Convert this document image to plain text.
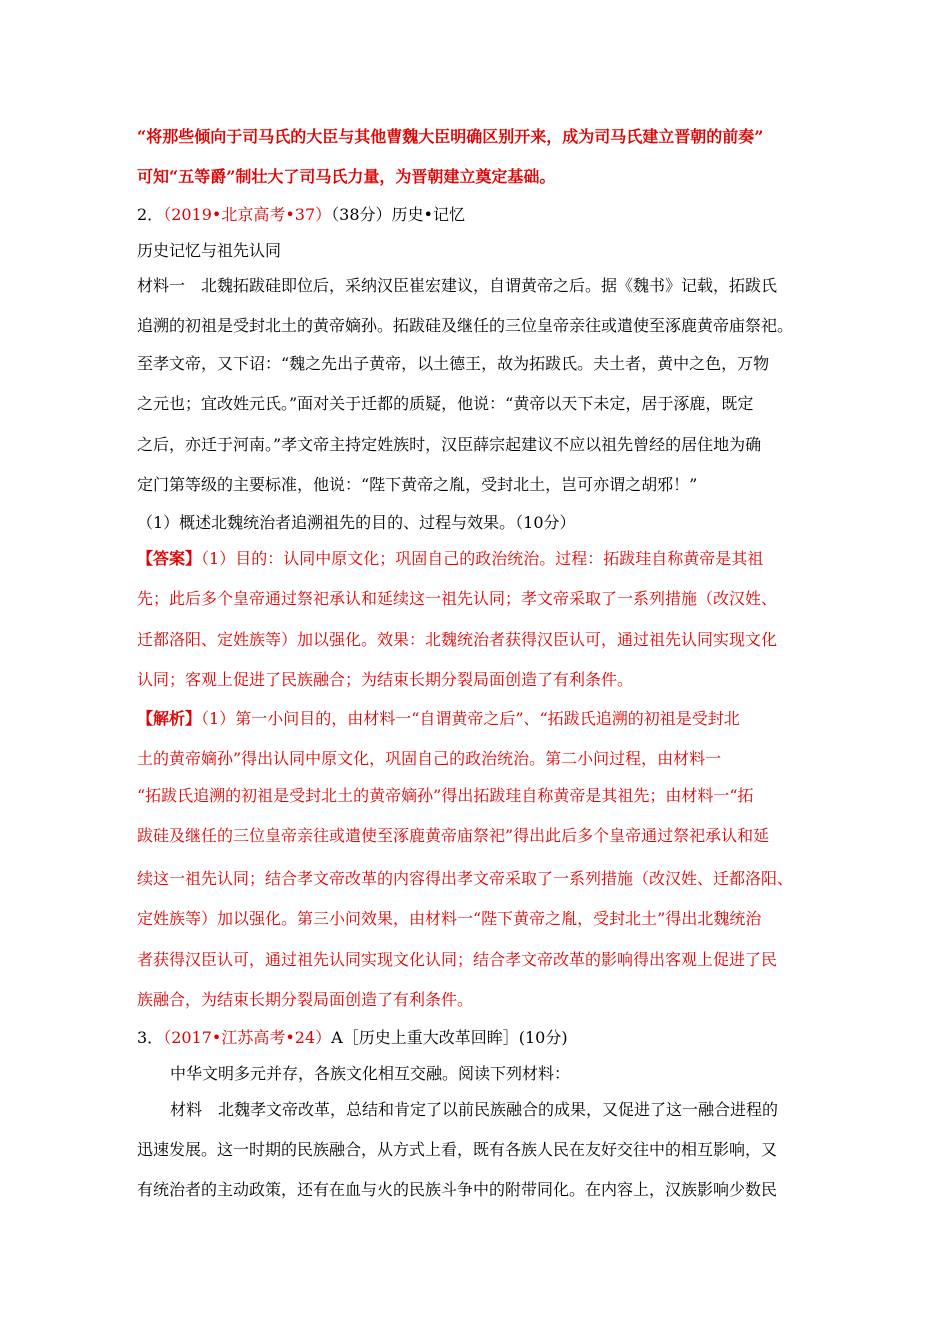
“将那些倾向于司马氏的大臣与其他曹魏大臣明确区别开来，成为司马氏建立晋朝的前奏”
可知“五等爵”制壮大了司马氏力量，为晋朝建立奠定基础。
2．（2019•北京高考•37）（38分）历史•记忆
历史记忆与祖先认同
材料一　北魏拓跋硅即位后，采纳汉臣崔宏建议，自谓黄帝之后。据《魏书》记载，拓跋氏
追溯的初祖是受封北土的黄帝嫡孙。拓跋硅及继任的三位皇帝亲往或遣使至涿鹿黄帝庙祭祀。
至孝文帝，又下诏：“魏之先出子黄帝，以土德王，故为拓跋氏。夫土者，黄中之色，万物
之元也；宜改姓元氏。”面对关于迁都的质疑，他说：“黄帝以天下未定，居于涿鹿，既定
之后，亦迁于河南。”孝文帝主持定姓族时，汉臣薛宗起建议不应以祖先曾经的居住地为确
定门第等级的主要标准，他说：“陛下黄帝之胤，受封北土，岂可亦谓之胡邪！”
（1）概述北魏统治者追溯祖先的目的、过程与效果。（10分）
【答案】（1）目的：认同中原文化；巩固自己的政治统治。过程：拓跋珪自称黄帝是其祖
先；此后多个皇帝通过祭祀承认和延续这一祖先认同；孝文帝采取了一系列措施（改汉姓、
迁都洛阳、定姓族等）加以强化。效果：北魏统治者获得汉臣认可，通过祖先认同实现文化
认同；客观上促进了民族融合；为结束长期分裂局面创造了有利条件。
【解析】（1）第一小问目的，由材料一“自谓黄帝之后”、“拓跋氏追溯的初祖是受封北
土的黄帝嫡孙”得出认同中原文化，巩固自己的政治统治。第二小问过程，由材料一
“拓跋氏追溯的初祖是受封北土的黄帝嫡孙”得出拓跋珪自称黄帝是其祖先；由材料一“拓
跋硅及继任的三位皇帝亲往或遣使至涿鹿黄帝庙祭祀”得出此后多个皇帝通过祭祀承认和延
续这一祖先认同；结合孝文帝改革的内容得出孝文帝采取了一系列措施（改汉姓、迁都洛阳、
定姓族等）加以强化。第三小问效果，由材料一“陛下黄帝之胤，受封北土”得出北魏统治
者获得汉臣认可，通过祖先认同实现文化认同；结合孝文帝改革的影响得出客观上促进了民
族融合，为结束长期分裂局面创造了有利条件。
3．（2017•江苏高考•24）A［历史上重大改革回眸］(10分)
中华文明多元并存，各族文化相互交融。阅读下列材料：
材料　北魏孝文帝改革，总结和肯定了以前民族融合的成果，又促进了这一融合进程的
迅速发展。这一时期的民族融合，从方式上看，既有各族人民在友好交往中的相互影响，又
有统治者的主动政策，还有在血与火的民族斗争中的附带同化。在内容上，汉族影响少数民
